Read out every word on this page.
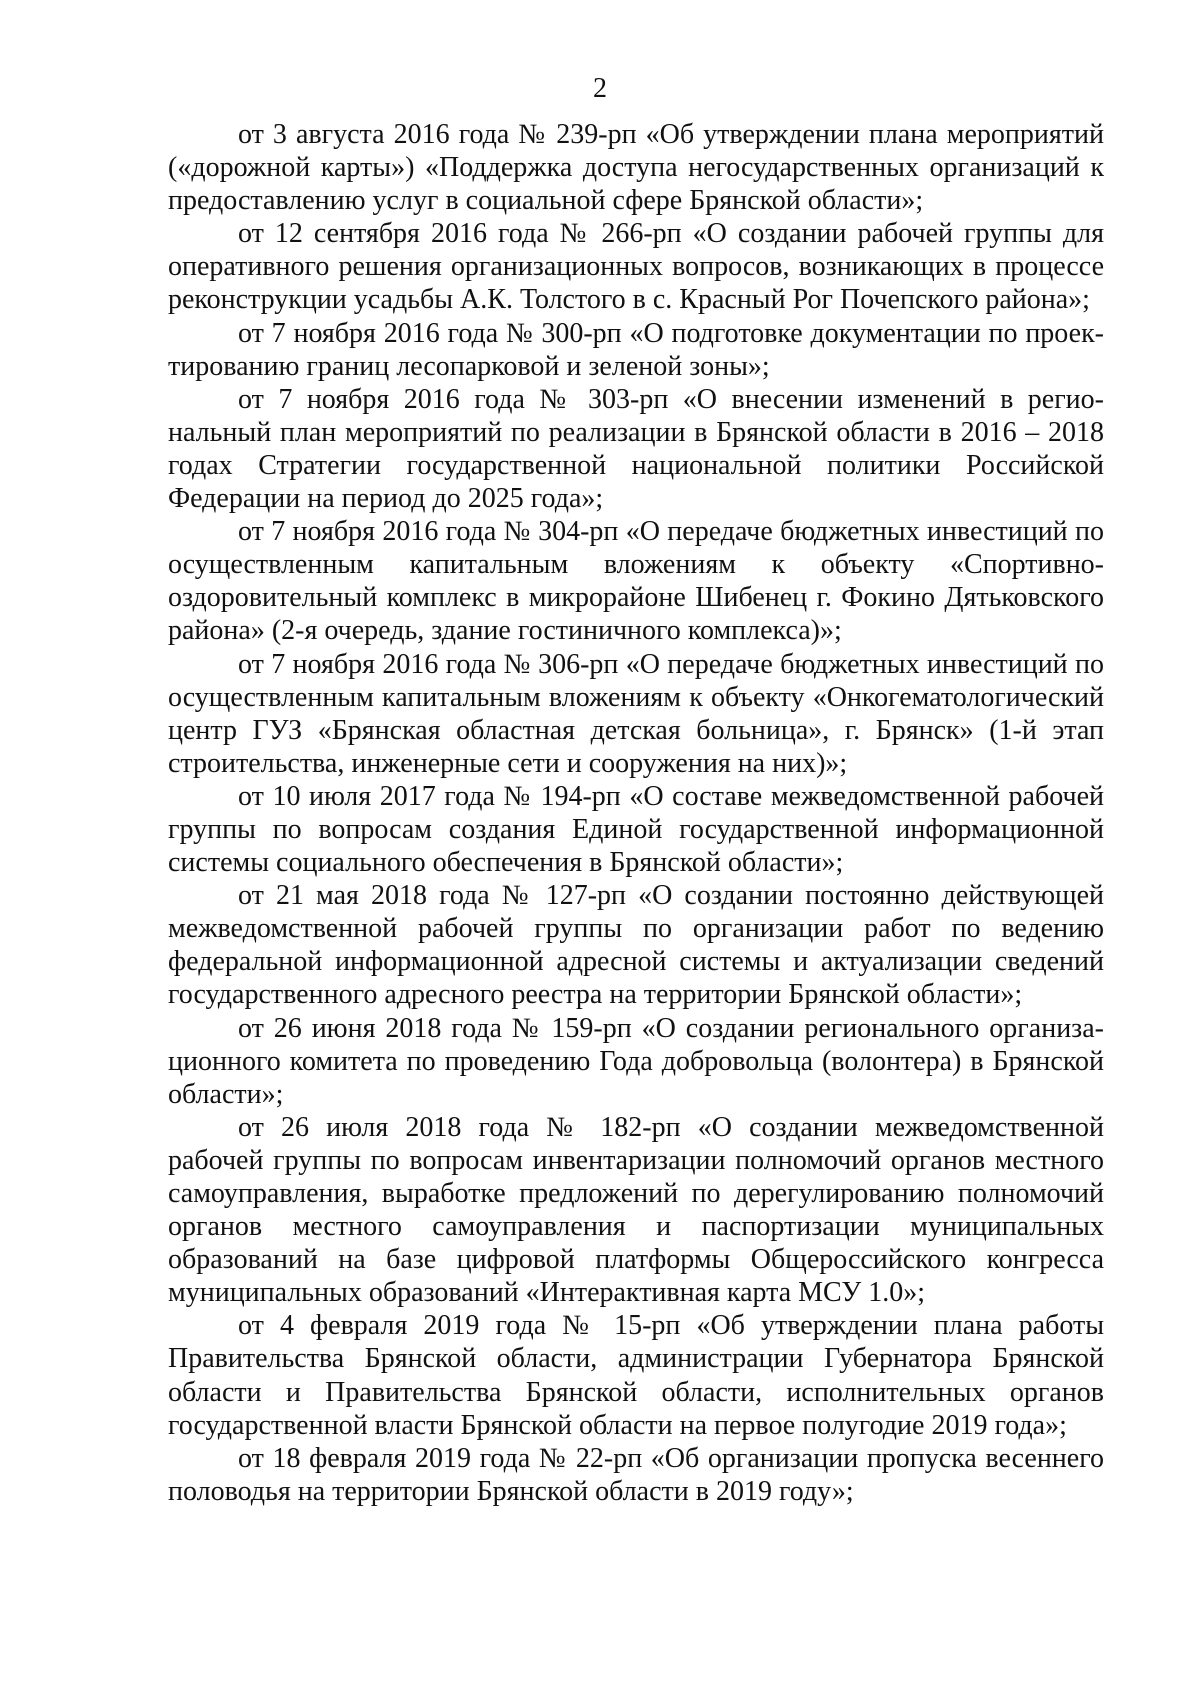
2

от 3 августа 2016 года № 239-рп «Об утверждении плана мероприятий («дорожной карты») «Поддержка доступа негосударственных организаций к предоставлению услуг в социальной сфере Брянской области»;

от 12 сентября 2016 года № 266-рп «О создании рабочей группы для оперативного решения организационных вопросов, возникающих в процессе реконструкции усадьбы А.К. Толстого в с. Красный Рог Почепского района»;

от 7 ноября 2016 года № 300-рп «О подготовке документации по проектированию границ лесопарковой и зеленой зоны»;

от 7 ноября 2016 года № 303-рп «О внесении изменений в региональный план мероприятий по реализации в Брянской области в 2016 – 2018 годах Стратегии государственной национальной политики Российской Федерации на период до 2025 года»;

от 7 ноября 2016 года № 304-рп «О передаче бюджетных инвестиций по осуществленным капитальным вложениям к объекту «Спортивно-оздоровительный комплекс в микрорайоне Шибенец г. Фокино Дятьковского района» (2-я очередь, здание гостиничного комплекса)»;

от 7 ноября 2016 года № 306-рп «О передаче бюджетных инвестиций по осуществленным капитальным вложениям к объекту «Онкогематологический центр ГУЗ «Брянская областная детская больница», г. Брянск» (1-й этап строительства, инженерные сети и сооружения на них)»;

от 10 июля 2017 года № 194-рп «О составе межведомственной рабочей группы по вопросам создания Единой государственной информационной системы социального обеспечения в Брянской области»;

от 21 мая 2018 года № 127-рп «О создании постоянно действующей межведомственной рабочей группы по организации работ по ведению федеральной информационной адресной системы и актуализации сведений государственного адресного реестра на территории Брянской области»;

от 26 июня 2018 года № 159-рп «О создании регионального организационного комитета по проведению Года добровольца (волонтера) в Брянской области»;

от 26 июля 2018 года № 182-рп «О создании межведомственной рабочей группы по вопросам инвентаризации полномочий органов местного самоуправления, выработке предложений по дерегулированию полномочий органов местного самоуправления и паспортизации муниципальных образований на базе цифровой платформы Общероссийского конгресса муниципальных образований «Интерактивная карта МСУ 1.0»;

от 4 февраля 2019 года № 15-рп «Об утверждении плана работы Правительства Брянской области, администрации Губернатора Брянской области и Правительства Брянской области, исполнительных органов государственной власти Брянской области на первое полугодие 2019 года»;

от 18 февраля 2019 года № 22-рп «Об организации пропуска весеннего половодья на территории Брянской области в 2019 году»;
